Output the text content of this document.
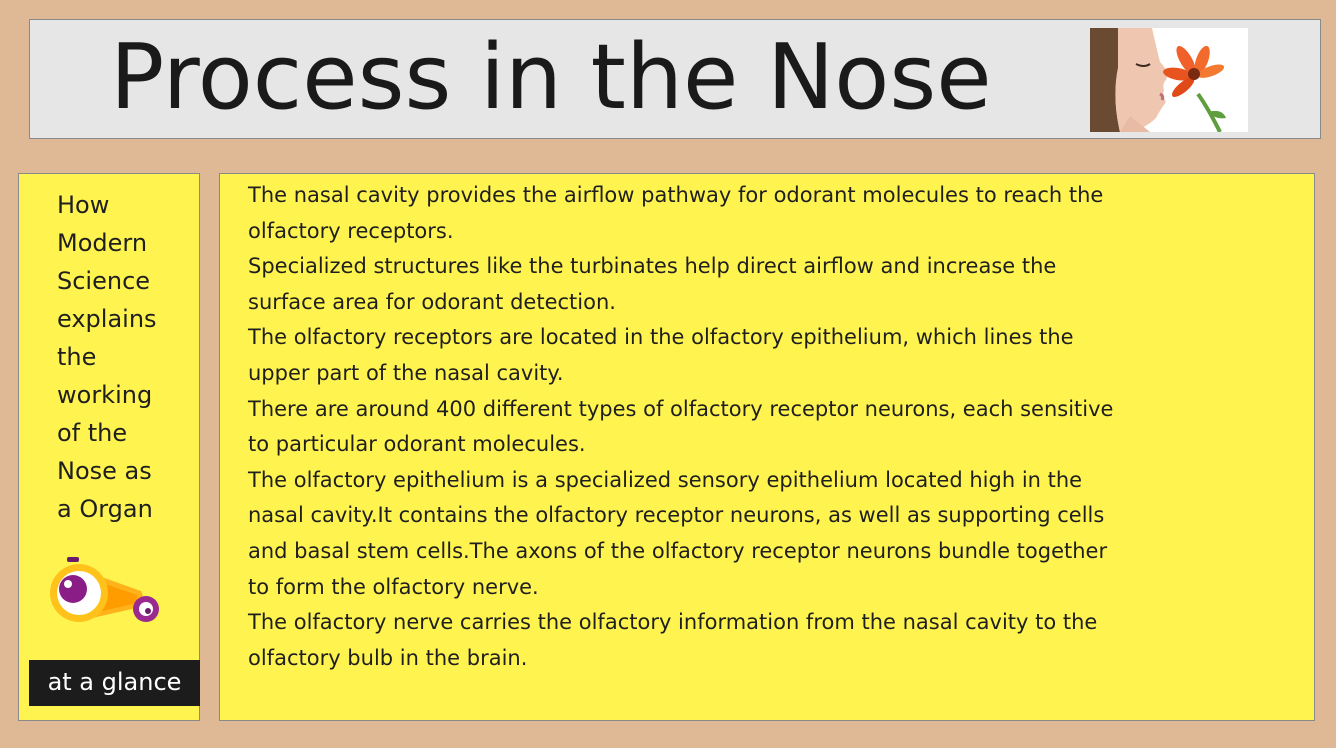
Process in the Nose
How
Modern
Science
explains
the
working
of the
Nose as
a Organ
at a glance

The nasal cavity provides the airflow pathway for odorant molecules to reach the olfactory receptors.

Specialized structures like the turbinates help direct airflow and increase the surface area for odorant detection.

The olfactory receptors are located in the olfactory epithelium, which lines the upper part of the nasal cavity.

There are around 400 different types of olfactory receptor neurons, each sensitive to particular odorant molecules.

The olfactory epithelium is a specialized sensory epithelium located high in the nasal cavity.It contains the olfactory receptor neurons, as well as supporting cells and basal stem cells.The axons of the olfactory receptor neurons bundle together to form the olfactory nerve.

The olfactory nerve carries the olfactory information from the nasal cavity to the olfactory bulb in the brain.
